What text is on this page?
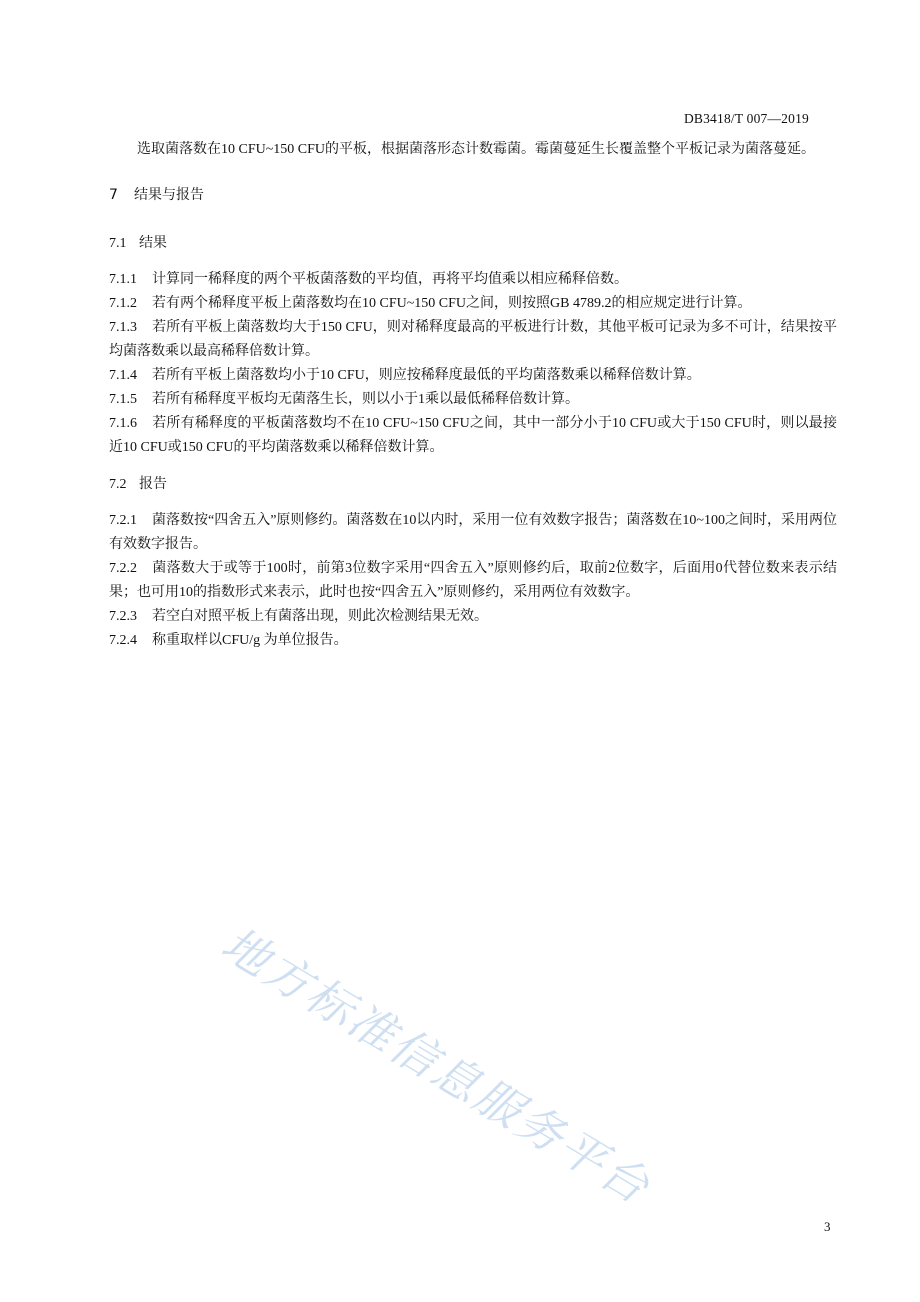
DB3418/T 007—2019

选取菌落数在10 CFU~150 CFU的平板，根据菌落形态计数霉菌。霉菌蔓延生长覆盖整个平板记录为菌落蔓延。

7 结果与报告

7.1 结果

7.1.1 计算同一稀释度的两个平板菌落数的平均值，再将平均值乘以相应稀释倍数。

7.1.2 若有两个稀释度平板上菌落数均在10 CFU~150 CFU之间，则按照GB 4789.2的相应规定进行计算。

7.1.3 若所有平板上菌落数均大于150 CFU，则对稀释度最高的平板进行计数，其他平板可记录为多不可计，结果按平均菌落数乘以最高稀释倍数计算。

7.1.4 若所有平板上菌落数均小于10 CFU，则应按稀释度最低的平均菌落数乘以稀释倍数计算。

7.1.5 若所有稀释度平板均无菌落生长，则以小于1乘以最低稀释倍数计算。

7.1.6 若所有稀释度的平板菌落数均不在10 CFU~150 CFU之间，其中一部分小于10 CFU或大于150 CFU时，则以最接近10 CFU或150 CFU的平均菌落数乘以稀释倍数计算。

7.2 报告

7.2.1 菌落数按“四舍五入”原则修约。菌落数在10以内时，采用一位有效数字报告；菌落数在10~100之间时，采用两位有效数字报告。

7.2.2 菌落数大于或等于100时，前第3位数字采用“四舍五入”原则修约后，取前2位数字，后面用0代替位数来表示结果；也可用10的指数形式来表示，此时也按“四舍五入”原则修约，采用两位有效数字。

7.2.3 若空白对照平板上有菌落出现，则此次检测结果无效。

7.2.4 称重取样以CFU/g 为单位报告。

地方标准信息服务平台
3
